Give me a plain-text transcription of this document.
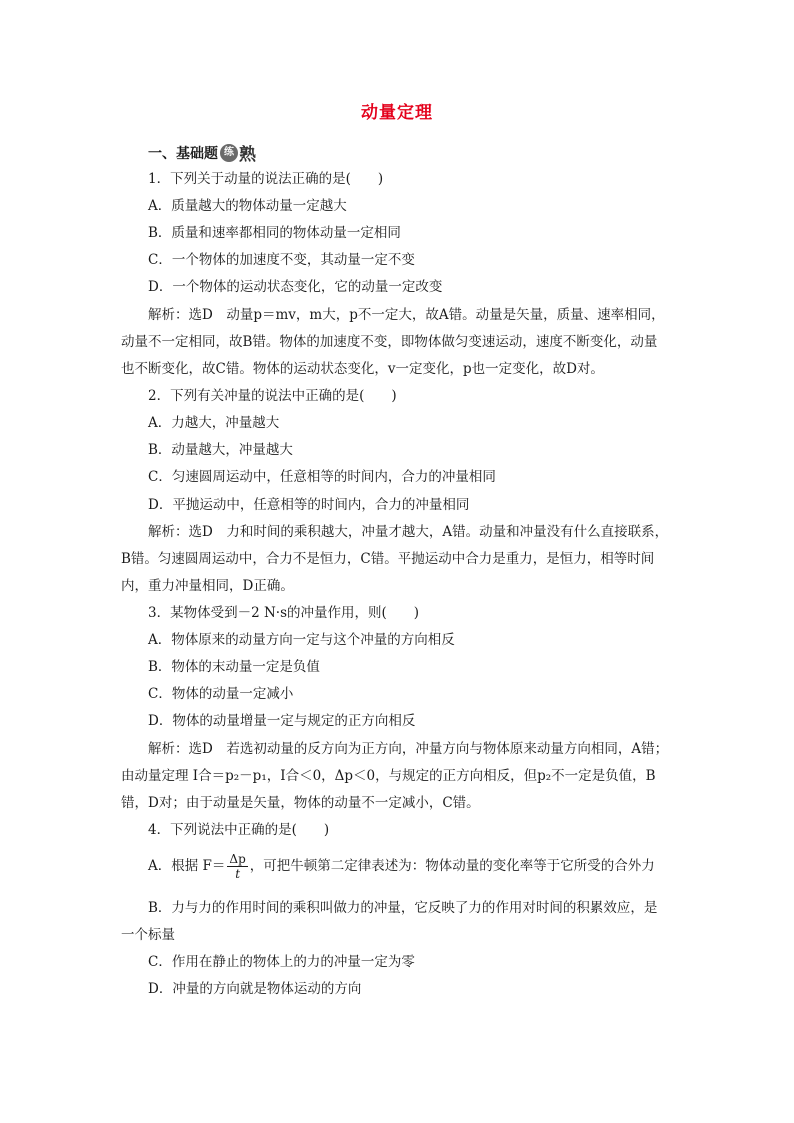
动量定理
一、基础题 练 熟
1．下列关于动量的说法正确的是(　　)
A．质量越大的物体动量一定越大
B．质量和速率都相同的物体动量一定相同
C．一个物体的加速度不变，其动量一定不变
D．一个物体的运动状态变化，它的动量一定改变
解析：选D　动量p＝mv，m大，p不一定大，故A错。动量是矢量，质量、速率相同，
动量不一定相同，故B错。物体的加速度不变，即物体做匀变速运动，速度不断变化，动量
也不断变化，故C错。物体的运动状态变化，v一定变化，p也一定变化，故D对。
2．下列有关冲量的说法中正确的是(　　)
A．力越大，冲量越大
B．动量越大，冲量越大
C．匀速圆周运动中，任意相等的时间内，合力的冲量相同
D．平抛运动中，任意相等的时间内，合力的冲量相同
解析：选D　力和时间的乘积越大，冲量才越大，A错。动量和冲量没有什么直接联系，
B错。匀速圆周运动中，合力不是恒力，C错。平抛运动中合力是重力，是恒力，相等时间
内，重力冲量相同，D正确。
3．某物体受到－2 N·s的冲量作用，则(　　)
A．物体原来的动量方向一定与这个冲量的方向相反
B．物体的末动量一定是负值
C．物体的动量一定减小
D．物体的动量增量一定与规定的正方向相反
解析：选D　若选初动量的反方向为正方向，冲量方向与物体原来动量方向相同，A错；
由动量定理 I合＝p₂－p₁，I合＜0，Δp＜0，与规定的正方向相反，但p₂不一定是负值，B
错，D对；由于动量是矢量，物体的动量不一定减小，C错。
4．下列说法中正确的是(　　)
A．根据 $F= \frac{\Delta p}{t}$ ，可把牛顿第二定律表述为：物体动量的变化率等于它所受的合外力
B．力与力的作用时间的乘积叫做力的冲量，它反映了力的作用对时间的积累效应，是
一个标量
C．作用在静止的物体上的力的冲量一定为零
D．冲量的方向就是物体运动的方向
